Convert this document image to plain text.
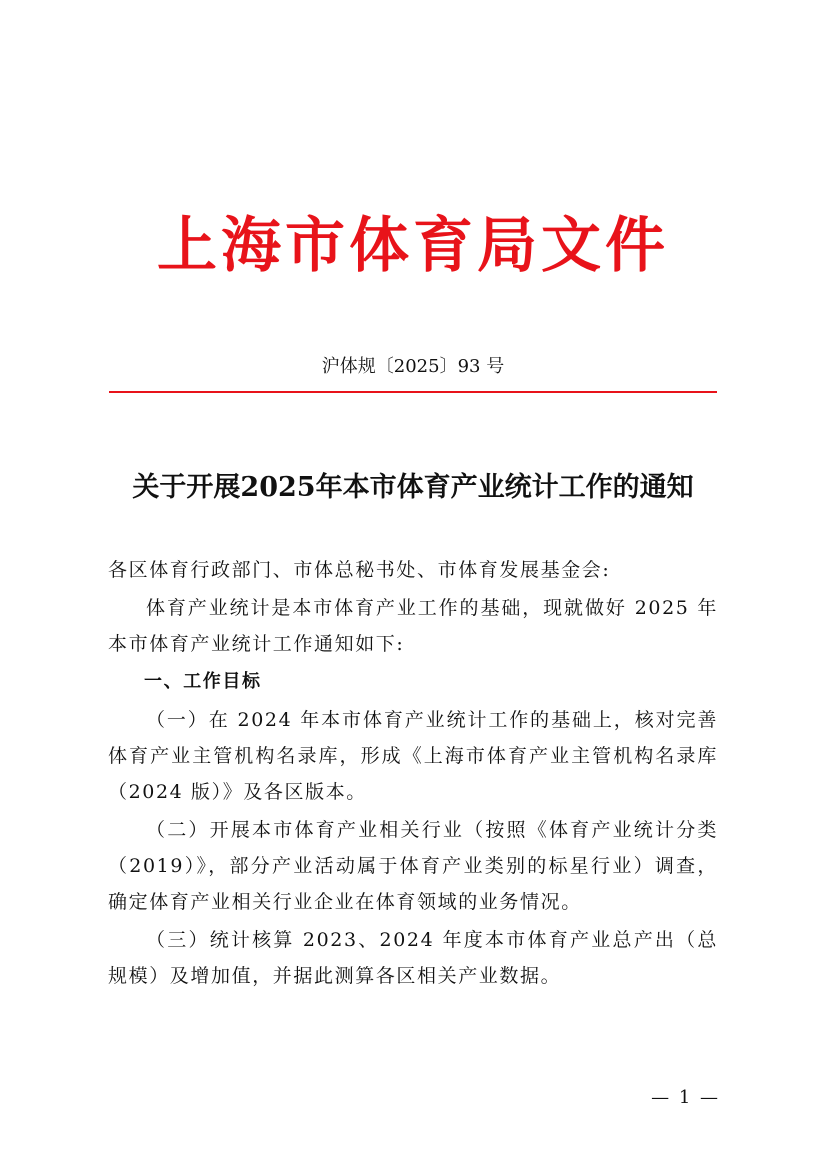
上海市体育局文件
沪体规〔2025〕93 号
关于开展2025年本市体育产业统计工作的通知

各区体育行政部门、市体总秘书处、市体育发展基金会:

体育产业统计是本市体育产业工作的基础，现就做好 2025 年本市体育产业统计工作通知如下:

一、工作目标

（一）在 2024 年本市体育产业统计工作的基础上，核对完善体育产业主管机构名录库，形成《上海市体育产业主管机构名录库（2024 版）》及各区版本。

（二）开展本市体育产业相关行业（按照《体育产业统计分类（2019）》，部分产业活动属于体育产业类别的标星行业）调查，确定体育产业相关行业企业在体育领域的业务情况。

（三）统计核算 2023、2024 年度本市体育产业总产出（总规模）及增加值，并据此测算各区相关产业数据。

— 1 —
